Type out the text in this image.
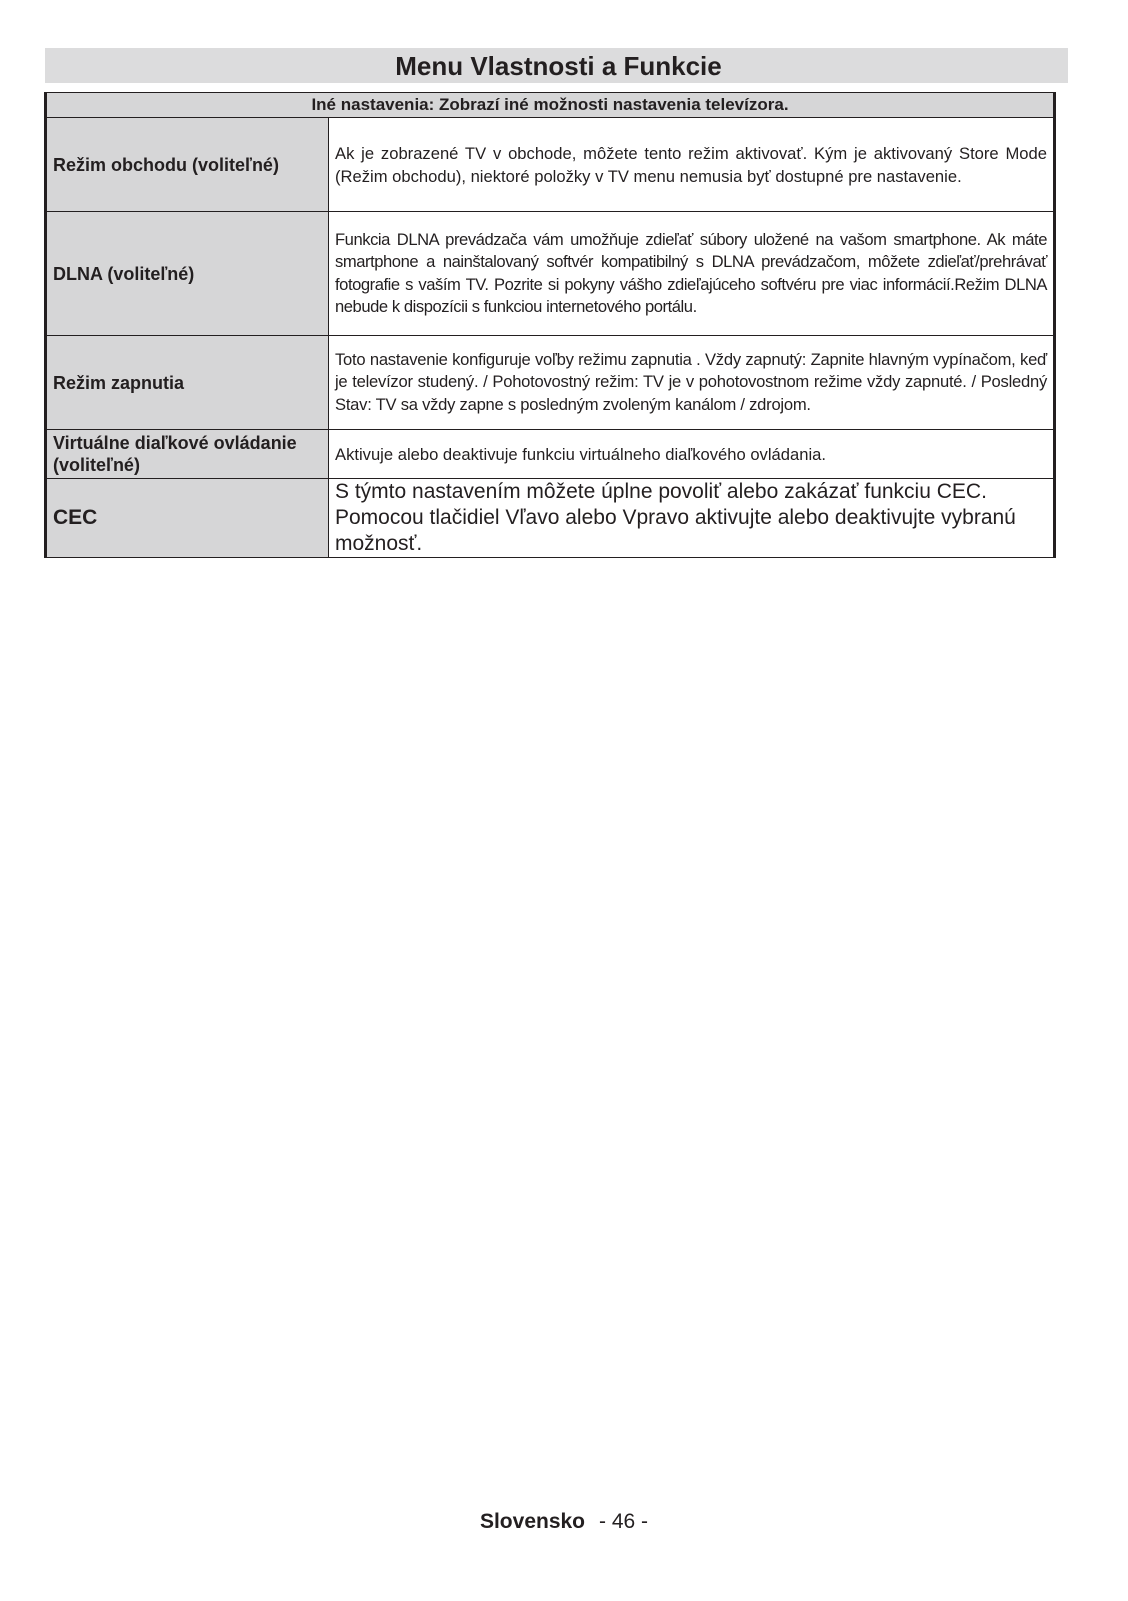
Menu Vlastnosti a Funkcie
Iné nastavenia: Zobrazí iné možnosti nastavenia televízora.	
Režim obchodu (voliteľné)	Ak je zobrazené TV v obchode, môžete tento režim aktivovať. Kým je aktivovaný Store Mode (Režim obchodu), niektoré položky v TV menu nemusia byť dostupné pre nastavenie.
DLNA (voliteľné)	Funkcia DLNA prevádzača vám umožňuje zdieľať súbory uložené na vašom smartphone. Ak máte smartphone a nainštalovaný softvér kompatibilný s DLNA prevádzačom, môžete zdieľať/prehrávať fotografie s vaším TV. Pozrite si pokyny vášho zdieľajúceho softvéru pre viac informácií.Režim DLNA nebude k dispozícii s funkciou internetového portálu.
Režim zapnutia	Toto nastavenie konfiguruje voľby režimu zapnutia . Vždy zapnutý: Zapnite hlavným vypínačom, keď je televízor studený. / Pohotovostný režim: TV je v pohotovostnom režime vždy zapnuté. / Posledný Stav: TV sa vždy zapne s posledným zvoleným kanálom / zdrojom.
Virtuálne diaľkové ovládanie (voliteľné)	Aktivuje alebo deaktivuje funkciu virtuálneho diaľkového ovládania.
CEC	S týmto nastavením môžete úplne povoliť alebo zakázať funkciu CEC. Pomocou tlačidiel Vľavo alebo Vpravo aktivujte alebo deaktivujte vybranú možnosť.
Slovensko - 46 -
